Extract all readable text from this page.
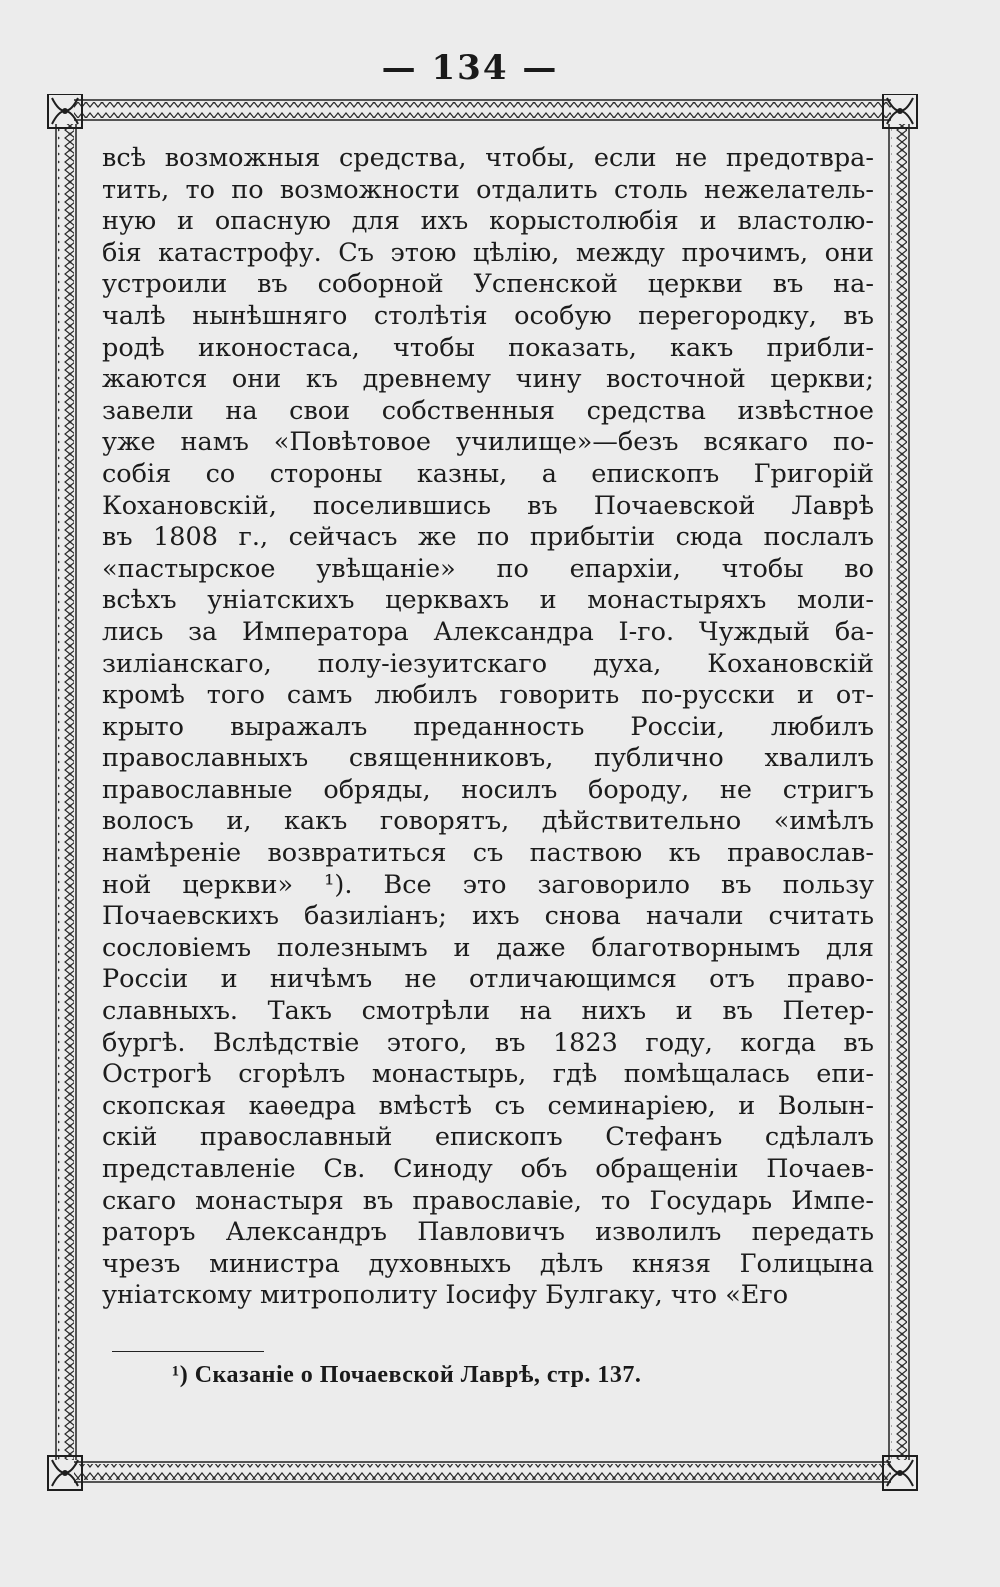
— 134 —
всѣ возможныя средства, чтобы, если не предотвра-
тить, то по возможности отдалить столь нежелатель-
ную и опасную для ихъ корыстолюбія и властолю-
бія катастрофу. Съ этою цѣлію, между прочимъ, они
устроили въ соборной Успенской церкви въ на-
чалѣ нынѣшняго столѣтія особую перегородку, въ
родѣ иконостаса, чтобы показать, какъ прибли-
жаются они къ древнему чину восточной церкви;
завели на свои собственныя средства извѣстное
уже намъ «Повѣтовое училище»—безъ всякаго по-
собія со стороны казны, а епископъ Григорій
Кохановскій, поселившись въ Почаевской Лаврѣ
въ 1808 г., сейчасъ же по прибытіи сюда послалъ
«пастырское увѣщаніе» по епархіи, чтобы во
всѣхъ уніатскихъ церквахъ и монастыряхъ моли-
лись за Императора Александра I-го. Чуждый ба-
зиліанскаго, полу-іезуитскаго духа, Кохановскій
кромѣ того самъ любилъ говорить по-русски и от-
крыто выражалъ преданность Россіи, любилъ
православныхъ священниковъ, публично хвалилъ
православные обряды, носилъ бороду, не стригъ
волосъ и, какъ говорятъ, дѣйствительно «имѣлъ
намѣреніе возвратиться съ паствою къ православ-
ной церкви» ¹). Все это заговорило въ пользу
Почаевскихъ базиліанъ; ихъ снова начали считать
сословіемъ полезнымъ и даже благотворнымъ для
Россіи и ничѣмъ не отличающимся отъ право-
славныхъ. Такъ смотрѣли на нихъ и въ Петер-
бургѣ. Вслѣдствіе этого, въ 1823 году, когда въ
Острогѣ сгорѣлъ монастырь, гдѣ помѣщалась епи-
скопская каѳедра вмѣстѣ съ семинаріею, и Волын-
скій православный епископъ Стефанъ сдѣлалъ
представленіе Св. Синоду объ обращеніи Почаев-
скаго монастыря въ православіе, то Государь Импе-
раторъ Александръ Павловичъ изволилъ передать
чрезъ министра духовныхъ дѣлъ князя Голицына
уніатскому митрополиту Іосифу Булгаку, что «Его
¹) Сказаніе о Почаевской Лаврѣ, стр. 137.
